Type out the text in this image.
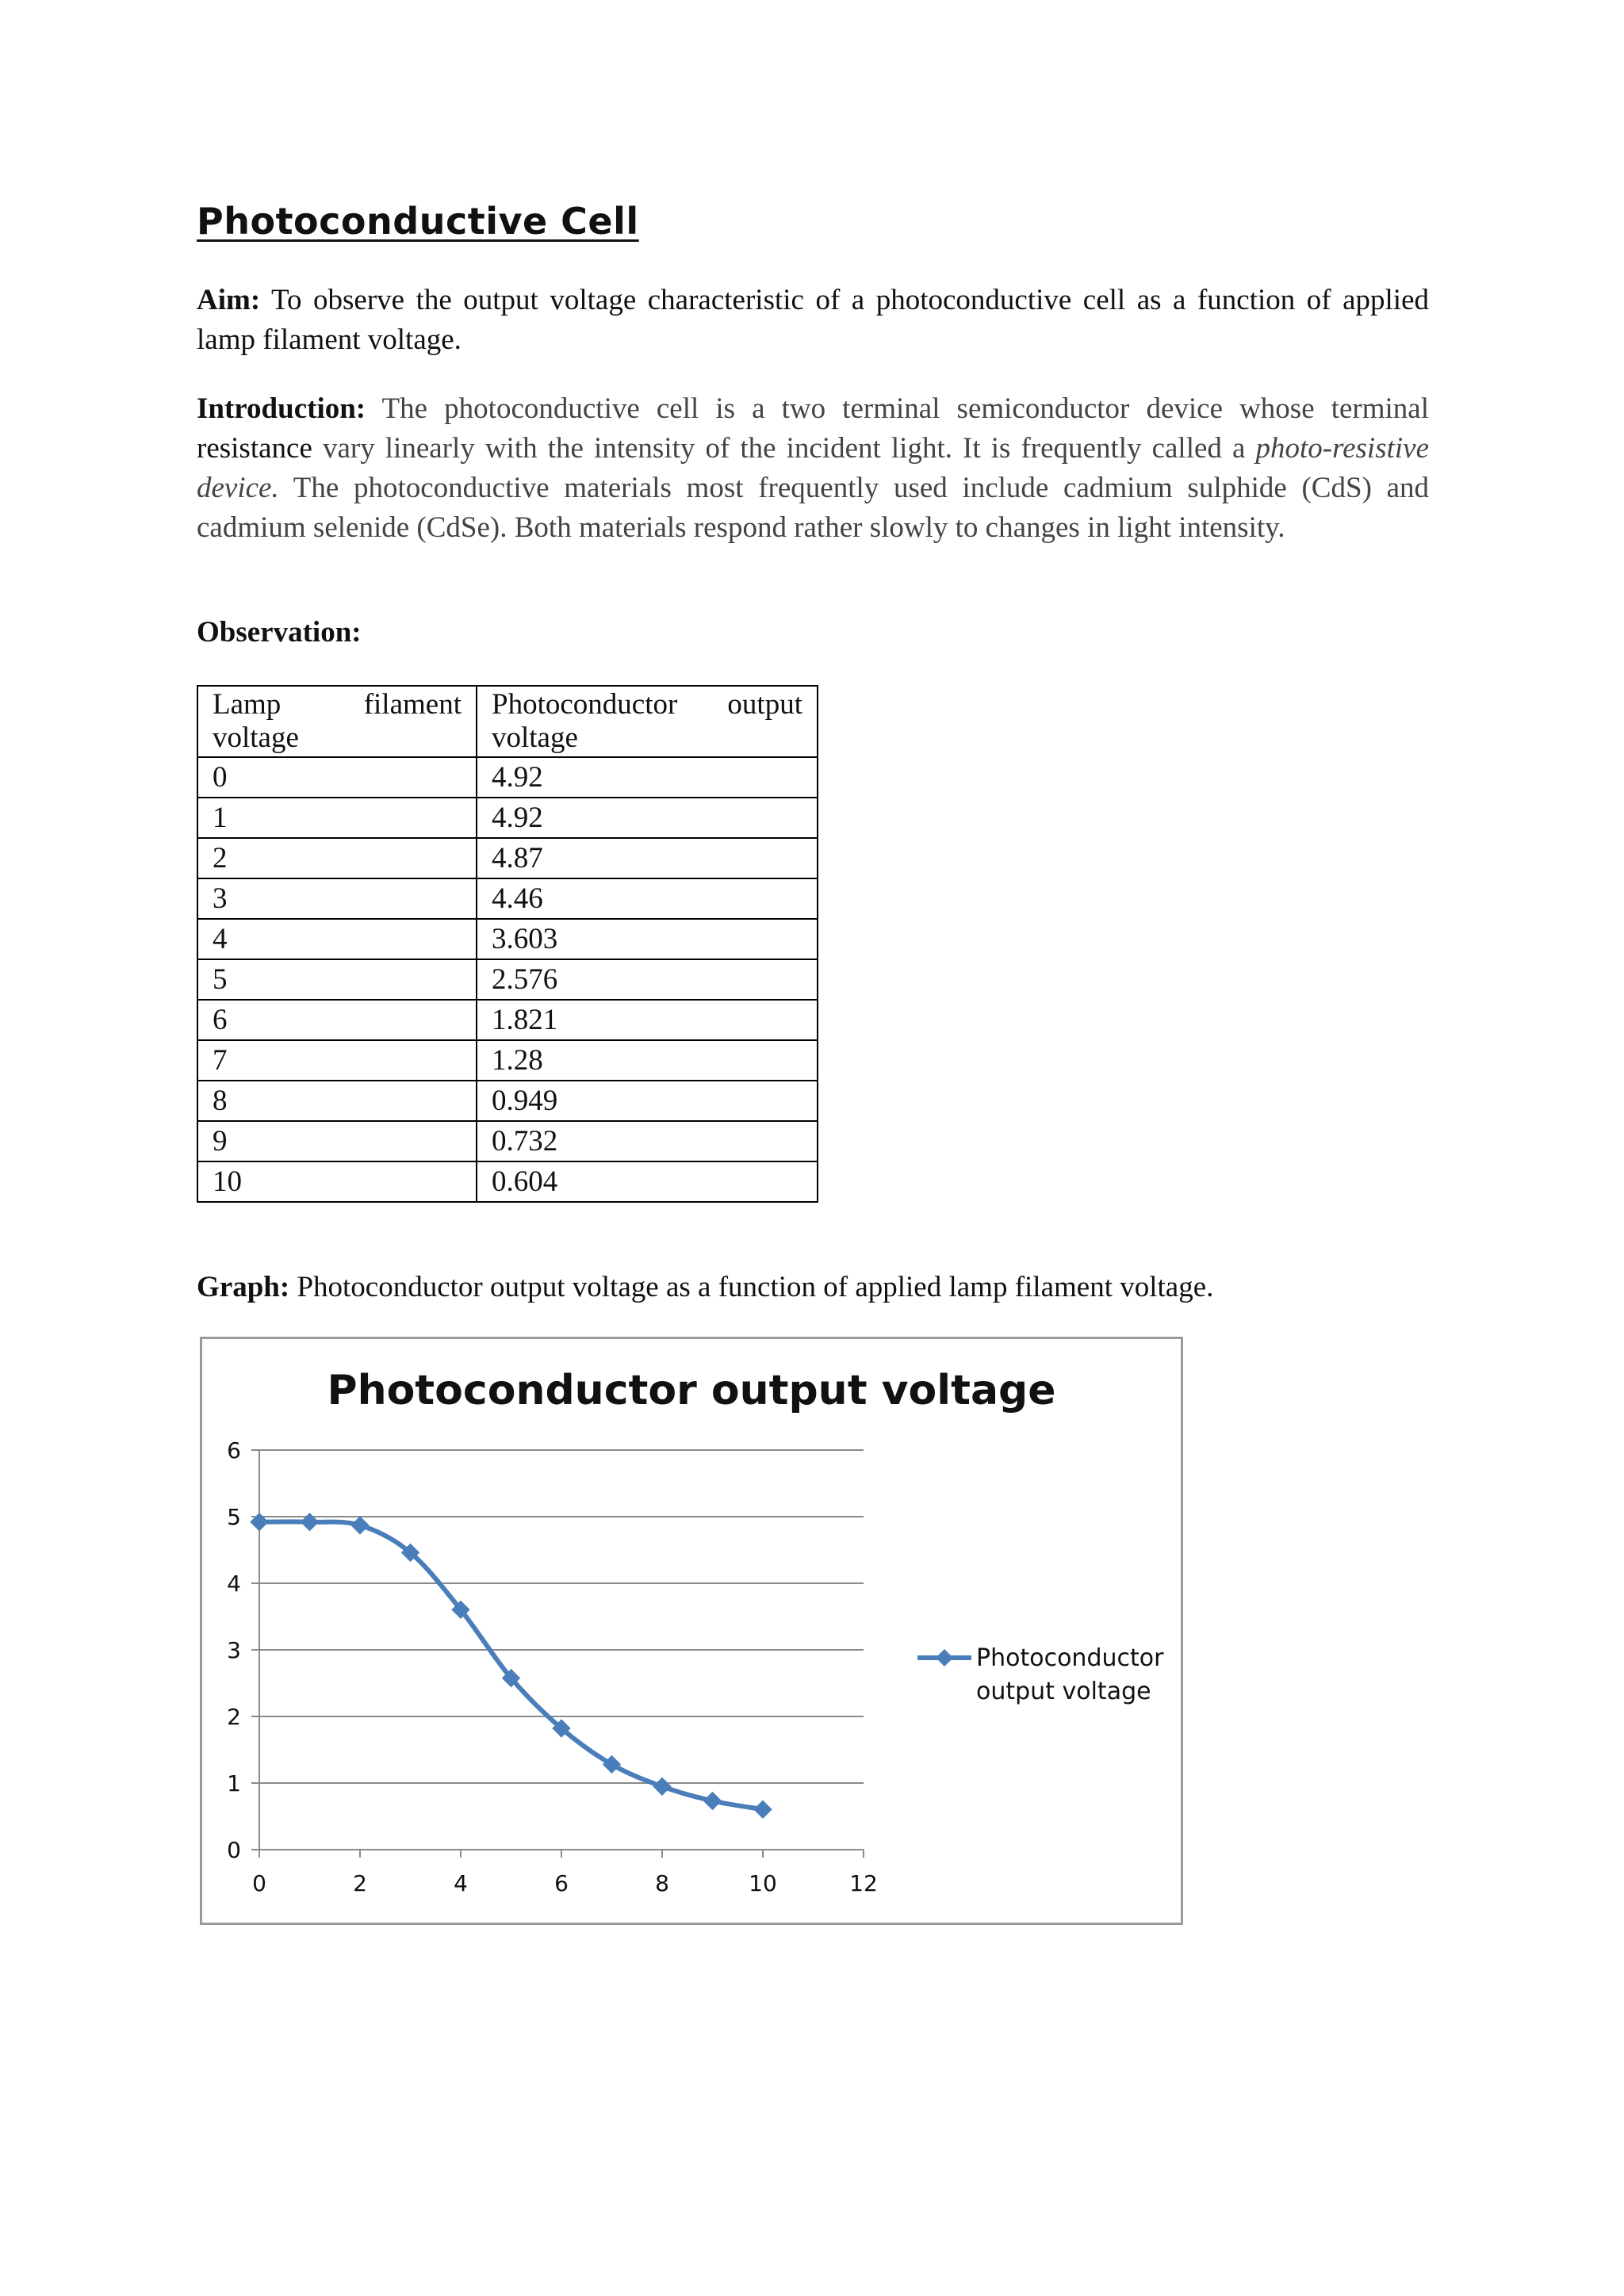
Photoconductive Cell

Aim: To observe the output voltage characteristic of a photoconductive cell as a function of applied lamp filament voltage.

Introduction: The photoconductive cell is a two terminal semiconductor device whose terminal resistance vary linearly with the intensity of the incident light. It is frequently called a photo-resistive device. The photoconductive materials most frequently used include cadmium sulphide (CdS) and cadmium selenide (CdSe). Both materials respond rather slowly to changes in light intensity.

Observation:
Lamp filament voltage	Photoconductor output voltage
0	4.92
1	4.92
2	4.87
3	4.46
4	3.603
5	2.576
6	1.821
7	1.28
8	0.949
9	0.732
10	0.604
Graph: Photoconductor output voltage as a function of applied lamp filament voltage.
Photoconductor output voltage
0
1
2
3
4
5
6
0	2	4	6	8	10	12
Photoconductor
output voltage
